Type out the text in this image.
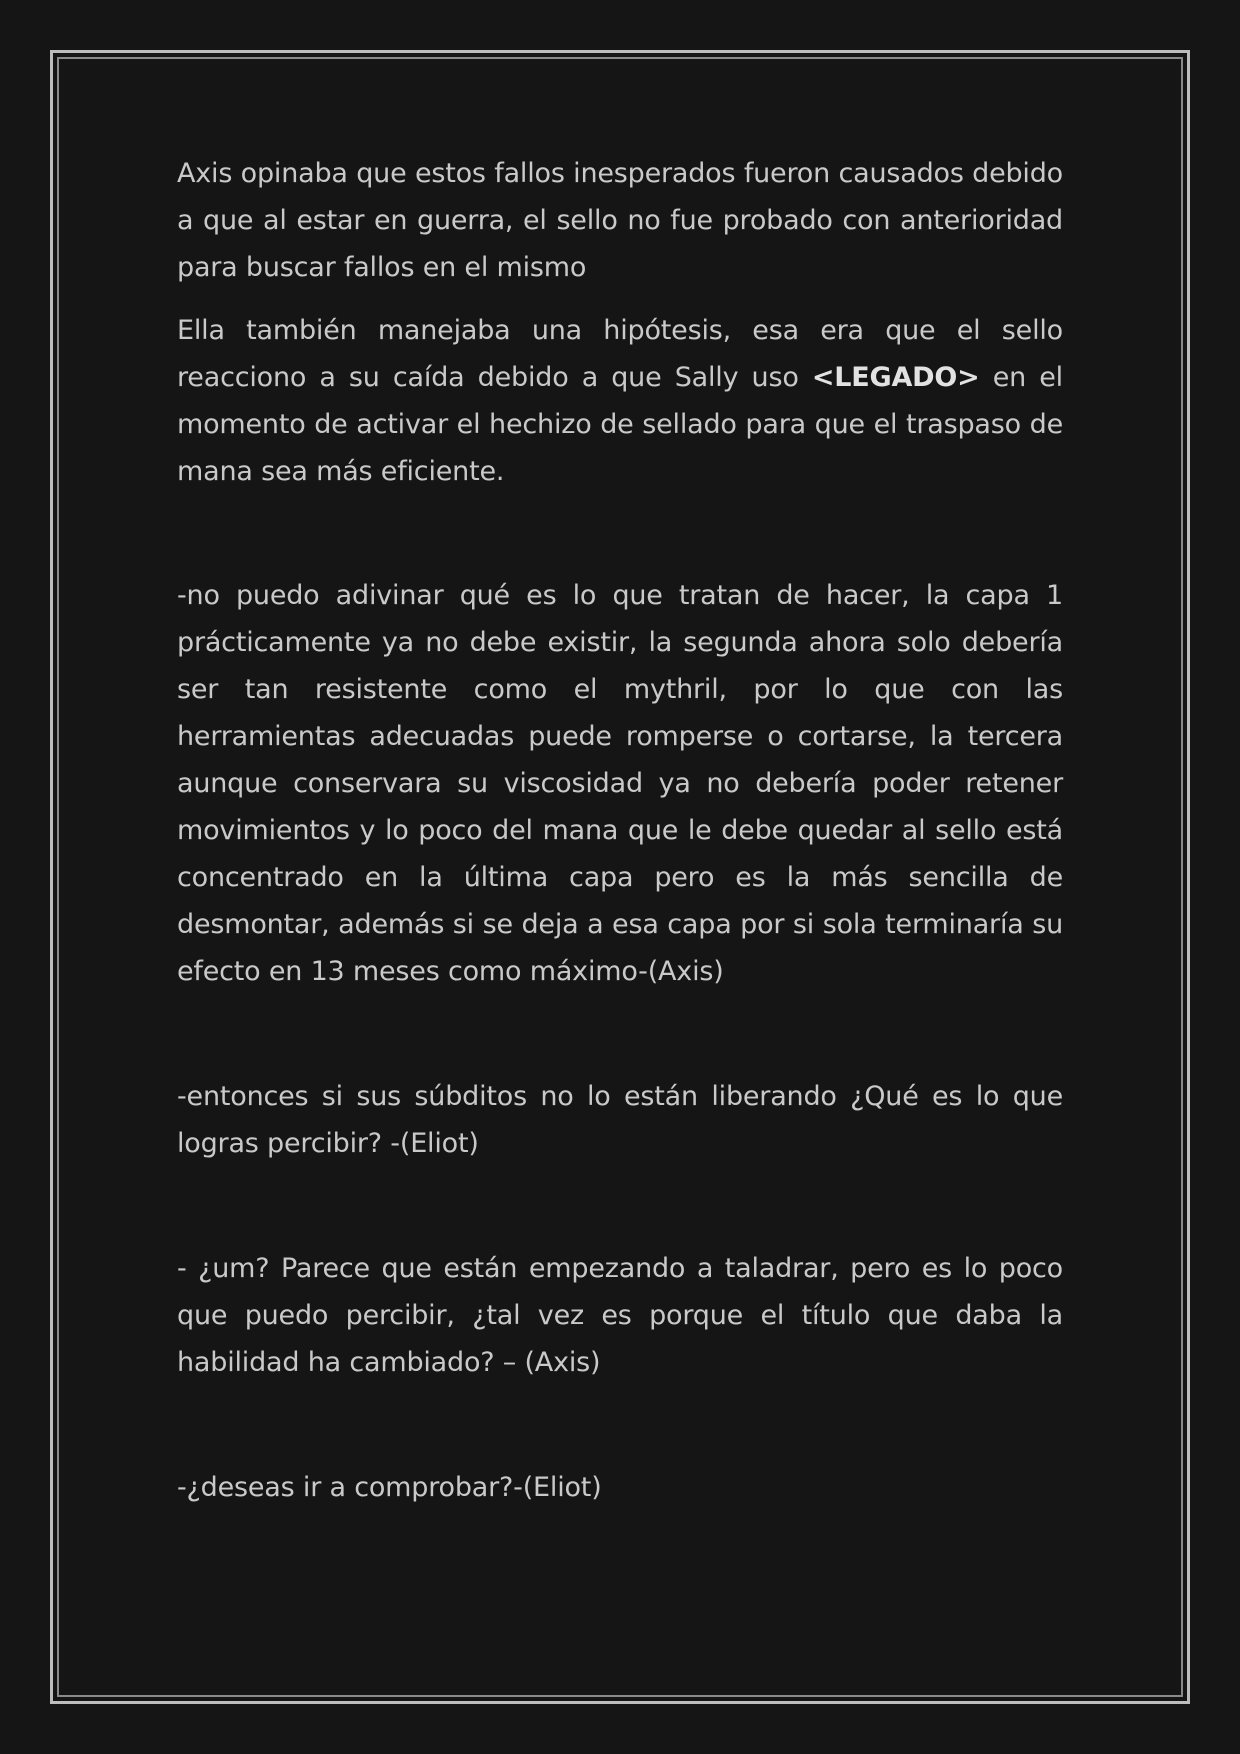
Axis opinaba que estos fallos inesperados fueron causados debido a que al estar en guerra, el sello no fue probado con anterioridad para buscar fallos en el mismo

Ella también manejaba una hipótesis, esa era que el sello reacciono a su caída debido a que Sally uso <LEGADO> en el momento de activar el hechizo de sellado para que el traspaso de mana sea más eficiente.

-no puedo adivinar qué es lo que tratan de hacer, la capa 1 prácticamente ya no debe existir, la segunda ahora solo debería ser tan resistente como el mythril, por lo que con las herramientas adecuadas puede romperse o cortarse, la tercera aunque conservara su viscosidad ya no debería poder retener movimientos y lo poco del mana que le debe quedar al sello está concentrado en la última capa pero es la más sencilla de desmontar, además si se deja a esa capa por si sola terminaría su efecto en 13 meses como máximo-(Axis)

-entonces si sus súbditos no lo están liberando ¿Qué es lo que logras percibir? -(Eliot)

- ¿um? Parece que están empezando a taladrar, pero es lo poco que puedo percibir, ¿tal vez es porque el título que daba la habilidad ha cambiado? – (Axis)

-¿deseas ir a comprobar?-(Eliot)
